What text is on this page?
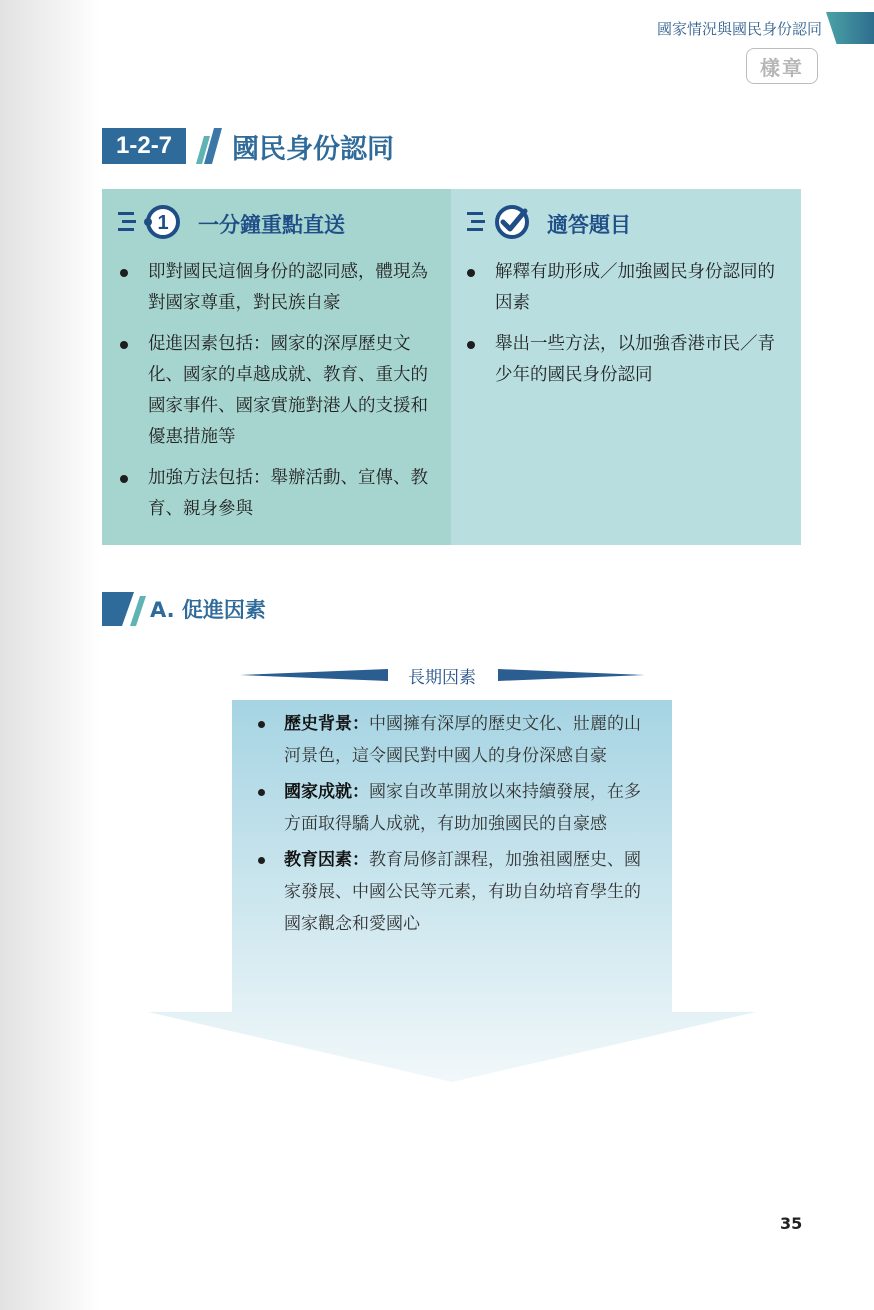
國家情況與國民身份認同
樣章
1-2-7	國民身份認同
1 一分鐘重點直送
即對國民這個身份的認同感，體現為對國家尊重，對民族自豪
促進因素包括：國家的深厚歷史文化、國家的卓越成就、教育、重大的國家事件、國家實施對港人的支援和優惠措施等
加強方法包括：舉辦活動、宣傳、教育、親身參與
適答題目
解釋有助形成／加強國民身份認同的因素
舉出一些方法，以加強香港市民／青少年的國民身份認同
A. 促進因素
長期因素
歷史背景：中國擁有深厚的歷史文化、壯麗的山河景色，這令國民對中國人的身份深感自豪
國家成就：國家自改革開放以來持續發展，在多方面取得驕人成就，有助加強國民的自豪感
教育因素：教育局修訂課程，加強祖國歷史、國家發展、中國公民等元素，有助自幼培育學生的國家觀念和愛國心
35
